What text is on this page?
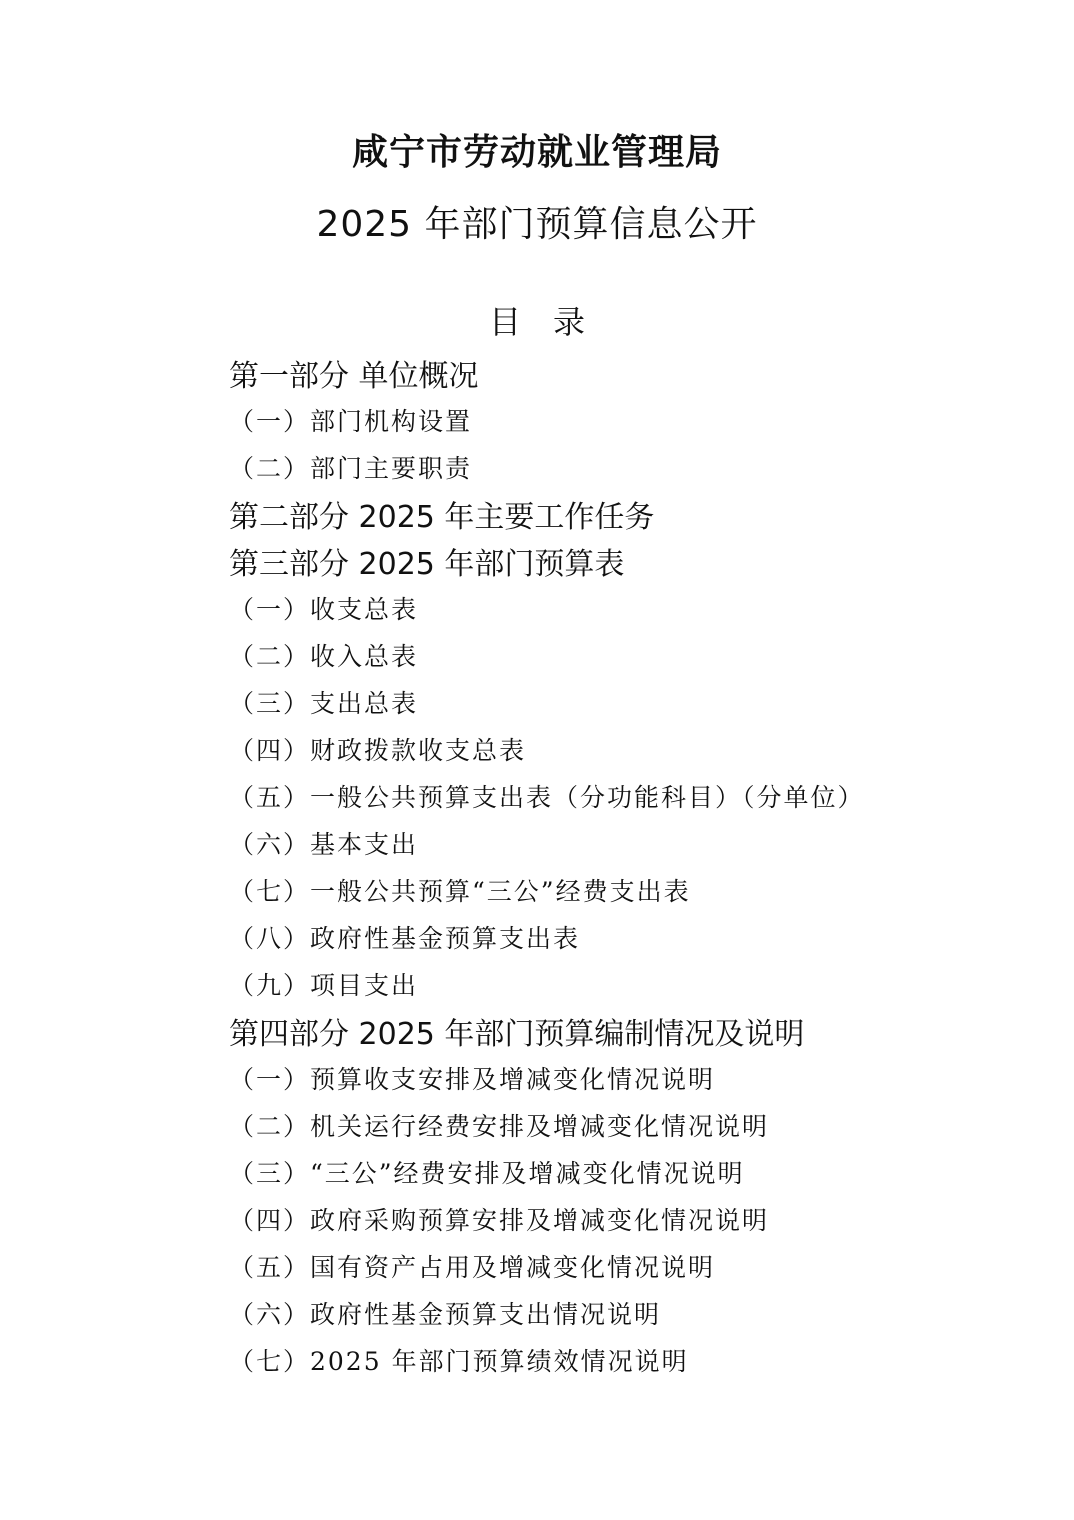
咸宁市劳动就业管理局
2025 年部门预算信息公开
目录
第一部分 单位概况
（一）部门机构设置
（二）部门主要职责
第二部分 2025 年主要工作任务
第三部分 2025 年部门预算表
（一）收支总表
（二）收入总表
（三）支出总表
（四）财政拨款收支总表
（五）一般公共预算支出表（分功能科目）（分单位）
（六）基本支出
（七）一般公共预算“三公”经费支出表
（八）政府性基金预算支出表
（九）项目支出
第四部分 2025 年部门预算编制情况及说明
（一）预算收支安排及增减变化情况说明
（二）机关运行经费安排及增减变化情况说明
（三）“三公”经费安排及增减变化情况说明
（四）政府采购预算安排及增减变化情况说明
（五）国有资产占用及增减变化情况说明
（六）政府性基金预算支出情况说明
（七）2025 年部门预算绩效情况说明
